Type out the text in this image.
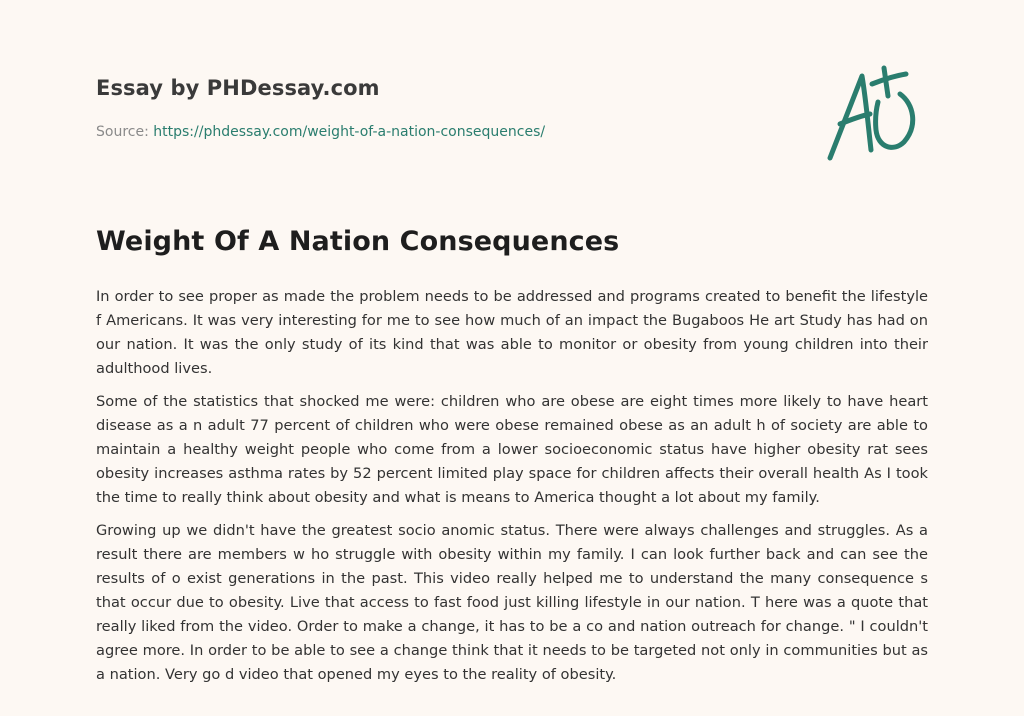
Essay by PHDessay.com

Source: https://phdessay.com/weight-of-a-nation-consequences/
Weight Of A Nation Consequences

In order to see proper as made the problem needs to be addressed and programs created to benefit the lifestyle f Americans. It was very interesting for me to see how much of an impact the Bugaboos He art Study has had on our nation. It was the only study of its kind that was able to monitor or obesity from young children into their adulthood lives.

Some of the statistics that shocked me were: children who are obese are eight times more likely to have heart disease as a n adult 77 percent of children who were obese remained obese as an adult h of society are able to maintain a healthy weight people who come from a lower socioeconomic status have higher obesity rat sees obesity increases asthma rates by 52 percent limited play space for children affects their overall health As I took the time to really think about obesity and what is means to America thought a lot about my family.

Growing up we didn't have the greatest socio anomic status. There were always challenges and struggles. As a result there are members w ho struggle with obesity within my family. I can look further back and can see the results of o exist generations in the past. This video really helped me to understand the many consequence s that occur due to obesity. Live that access to fast food just killing lifestyle in our nation. T here was a quote that really liked from the video. Order to make a change, it has to be a co and nation outreach for change. " I couldn't agree more. In order to be able to see a change think that it needs to be targeted not only in communities but as a nation. Very go d video that opened my eyes to the reality of obesity.
